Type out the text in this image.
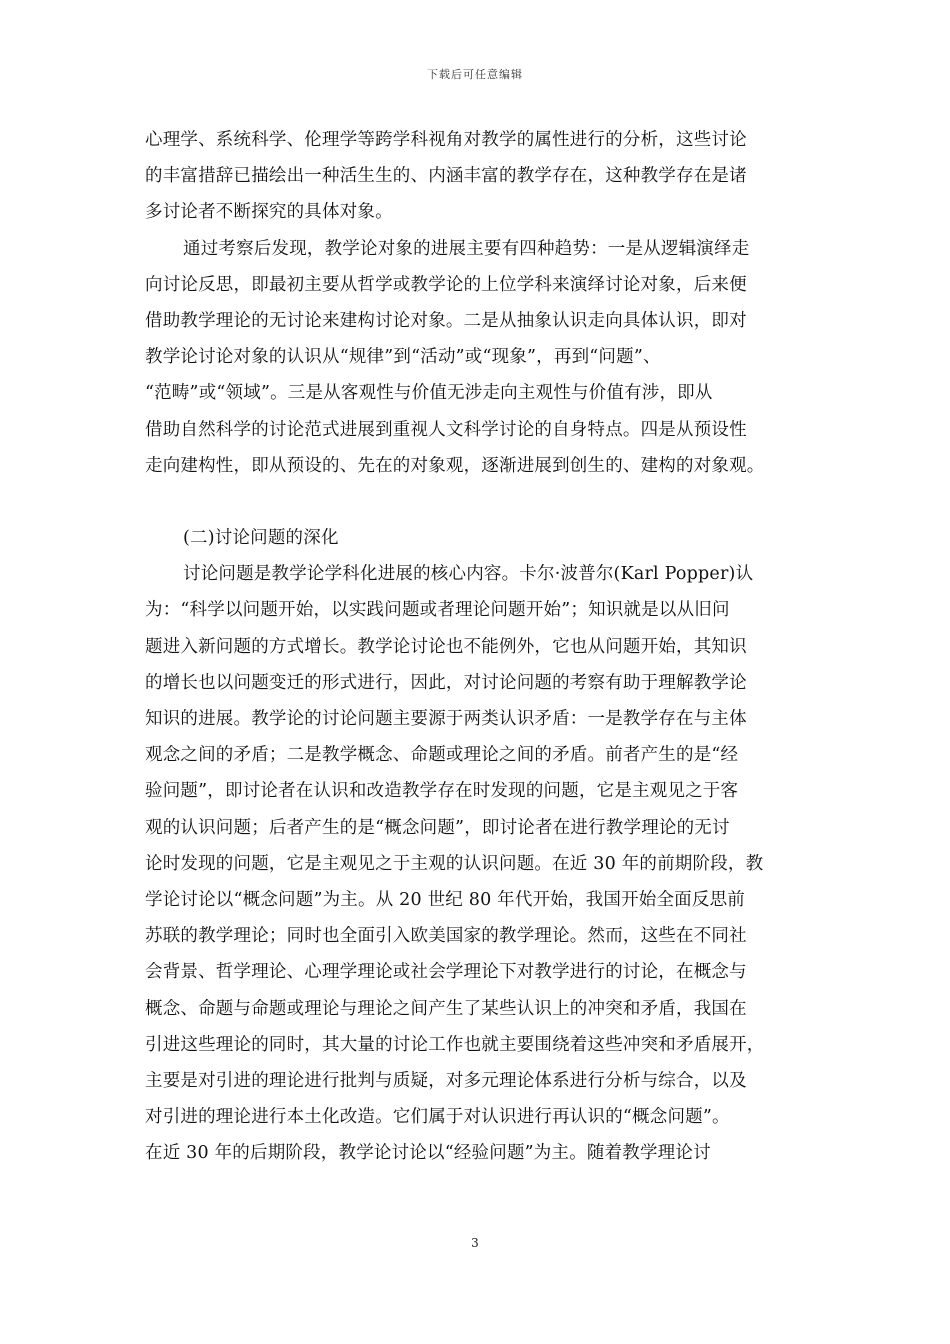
下载后可任意编辑
心理学、系统科学、伦理学等跨学科视角对教学的属性进行的分析，这些讨论
的丰富措辞已描绘出一种活生生的、内涵丰富的教学存在，这种教学存在是诸
多讨论者不断探究的具体对象。
通过考察后发现，教学论对象的进展主要有四种趋势：一是从逻辑演绎走
向讨论反思，即最初主要从哲学或教学论的上位学科来演绎讨论对象，后来便
借助教学理论的无讨论来建构讨论对象。二是从抽象认识走向具体认识，即对
教学论讨论对象的认识从“规律”到“活动”或“现象”，再到“问题”、
“范畴”或“领域”。三是从客观性与价值无涉走向主观性与价值有涉，即从
借助自然科学的讨论范式进展到重视人文科学讨论的自身特点。四是从预设性
走向建构性，即从预设的、先在的对象观，逐渐进展到创生的、建构的对象观。
(二)讨论问题的深化
讨论问题是教学论学科化进展的核心内容。卡尔·波普尔(Karl Popper)认
为：“科学以问题开始，以实践问题或者理论问题开始”；知识就是以从旧问
题进入新问题的方式增长。教学论讨论也不能例外，它也从问题开始，其知识
的增长也以问题变迁的形式进行，因此，对讨论问题的考察有助于理解教学论
知识的进展。教学论的讨论问题主要源于两类认识矛盾：一是教学存在与主体
观念之间的矛盾；二是教学概念、命题或理论之间的矛盾。前者产生的是“经
验问题”，即讨论者在认识和改造教学存在时发现的问题，它是主观见之于客
观的认识问题；后者产生的是“概念问题”，即讨论者在进行教学理论的无讨
论时发现的问题，它是主观见之于主观的认识问题。在近 30 年的前期阶段，教
学论讨论以“概念问题”为主。从 20 世纪 80 年代开始，我国开始全面反思前
苏联的教学理论；同时也全面引入欧美国家的教学理论。然而，这些在不同社
会背景、哲学理论、心理学理论或社会学理论下对教学进行的讨论，在概念与
概念、命题与命题或理论与理论之间产生了某些认识上的冲突和矛盾，我国在
引进这些理论的同时，其大量的讨论工作也就主要围绕着这些冲突和矛盾展开，
主要是对引进的理论进行批判与质疑，对多元理论体系进行分析与综合，以及
对引进的理论进行本土化改造。它们属于对认识进行再认识的“概念问题”。
在近 30 年的后期阶段，教学论讨论以“经验问题”为主。随着教学理论讨
3
